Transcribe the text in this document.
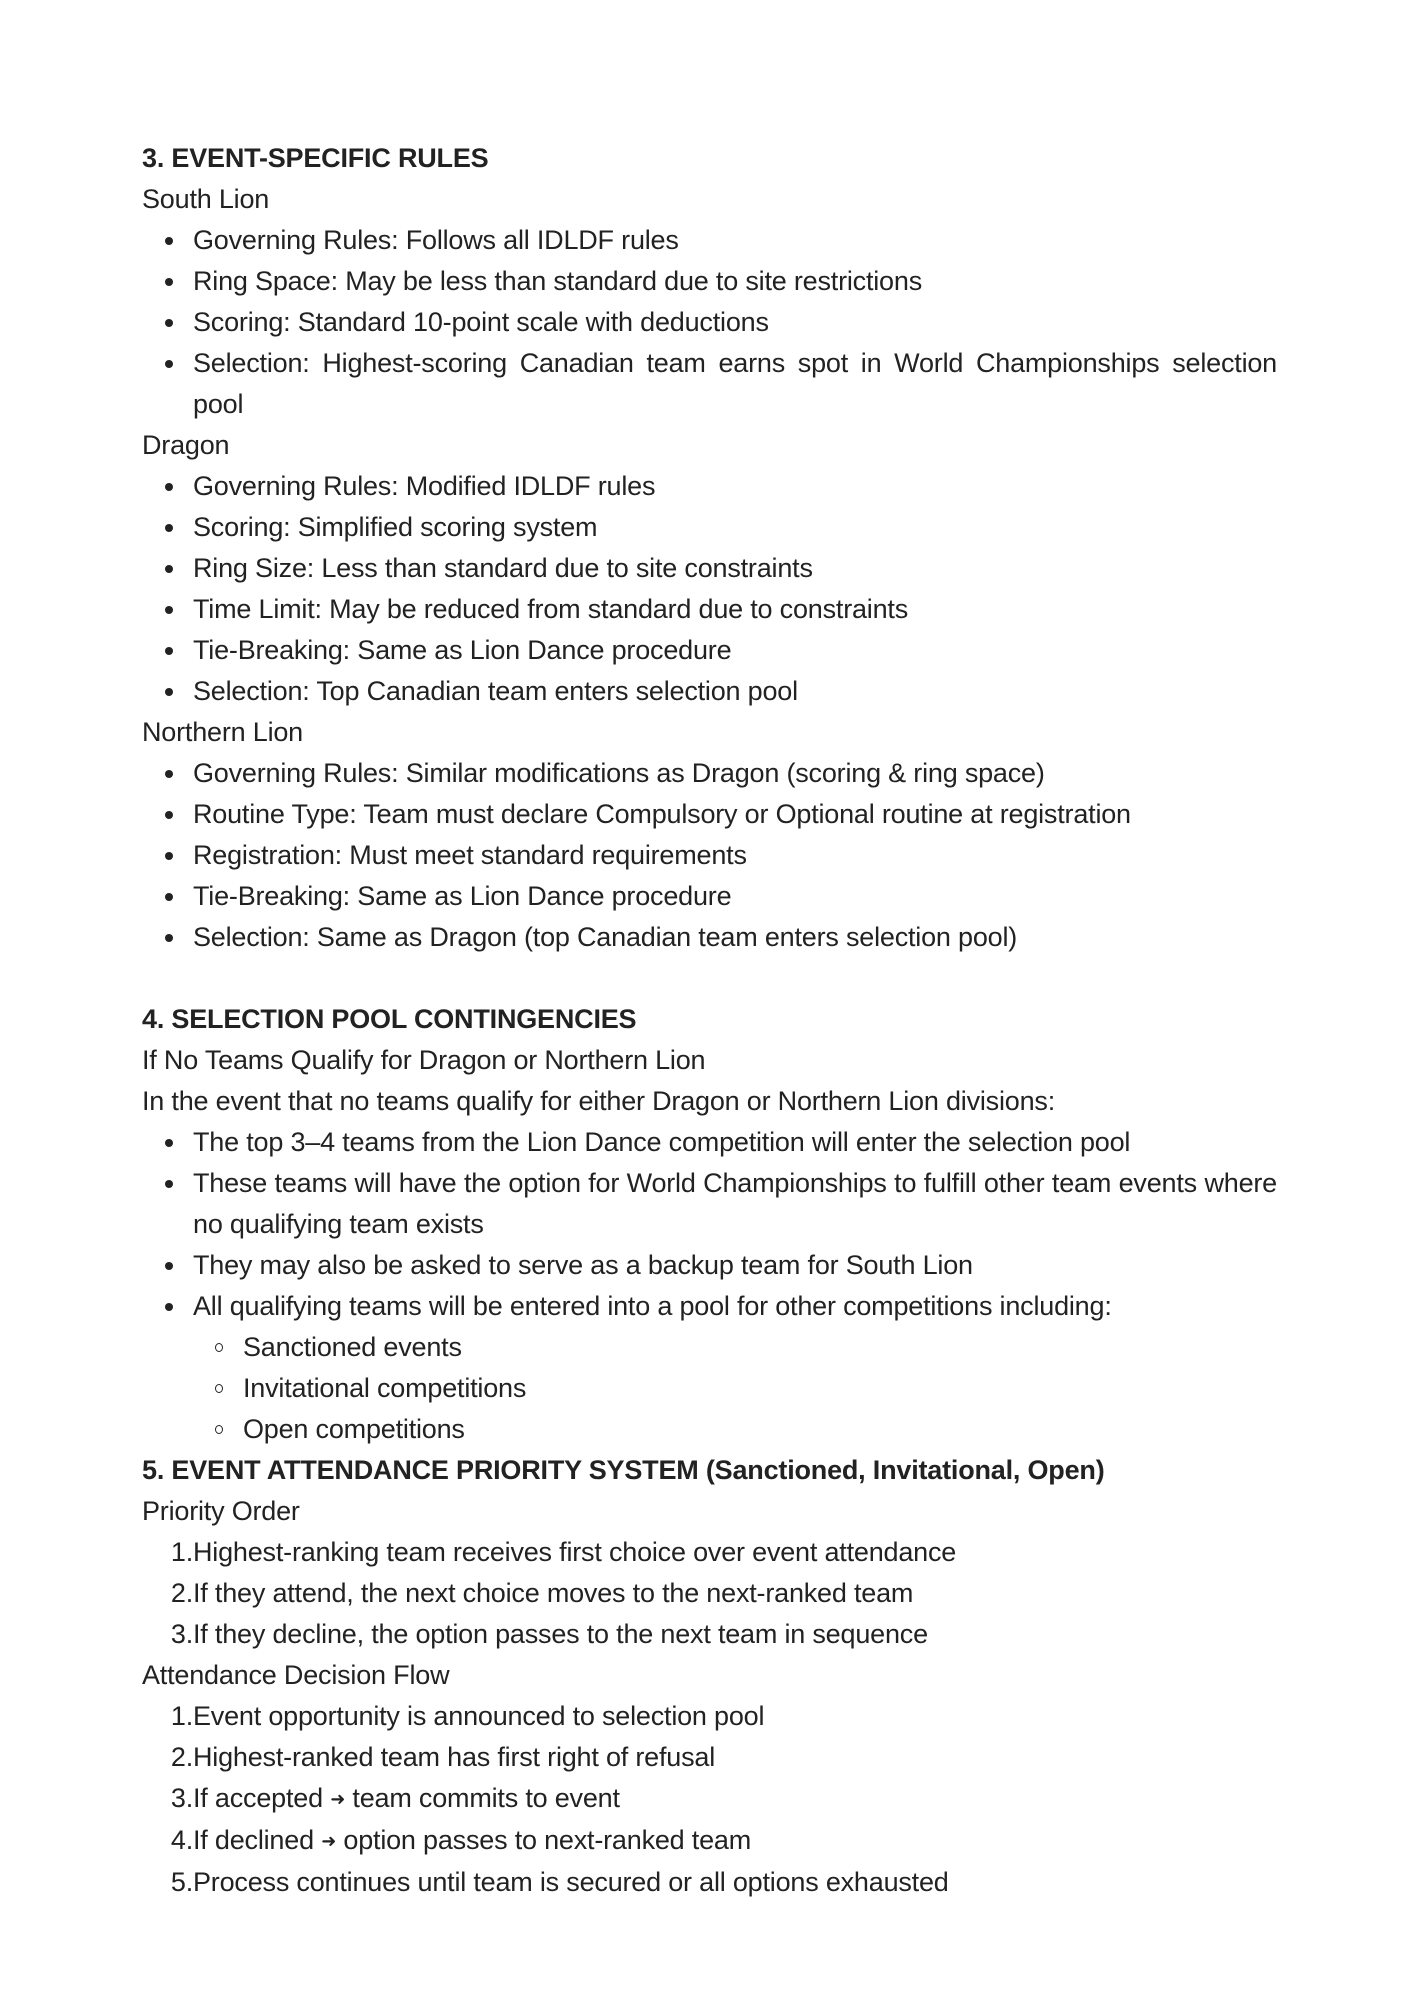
3. EVENT-SPECIFIC RULES

South Lion

Governing Rules: Follows all IDLDF rules
Ring Space: May be less than standard due to site restrictions
Scoring: Standard 10-point scale with deductions
Selection: Highest-scoring Canadian team earns spot in World Championships selection pool

Dragon

Governing Rules: Modified IDLDF rules
Scoring: Simplified scoring system
Ring Size: Less than standard due to site constraints
Time Limit: May be reduced from standard due to constraints
Tie-Breaking: Same as Lion Dance procedure
Selection: Top Canadian team enters selection pool

Northern Lion

Governing Rules: Similar modifications as Dragon (scoring & ring space)
Routine Type: Team must declare Compulsory or Optional routine at registration
Registration: Must meet standard requirements
Tie-Breaking: Same as Lion Dance procedure
Selection: Same as Dragon (top Canadian team enters selection pool)
4. SELECTION POOL CONTINGENCIES

If No Teams Qualify for Dragon or Northern Lion

In the event that no teams qualify for either Dragon or Northern Lion divisions:

The top 3–4 teams from the Lion Dance competition will enter the selection pool
These teams will have the option for World Championships to fulfill other team events where no qualifying team exists
They may also be asked to serve as a backup team for South Lion
All qualifying teams will be entered into a pool for other competitions including:
Sanctioned events
Invitational competitions
Open competitions
5. EVENT ATTENDANCE PRIORITY SYSTEM (Sanctioned, Invitational, Open)

Priority Order

1. Highest-ranking team receives first choice over event attendance
2. If they attend, the next choice moves to the next-ranked team
3. If they decline, the option passes to the next team in sequence

Attendance Decision Flow

1. Event opportunity is announced to selection pool
2. Highest-ranked team has first right of refusal
3. If accepted ➜ team commits to event
4. If declined ➜ option passes to next-ranked team
5. Process continues until team is secured or all options exhausted
